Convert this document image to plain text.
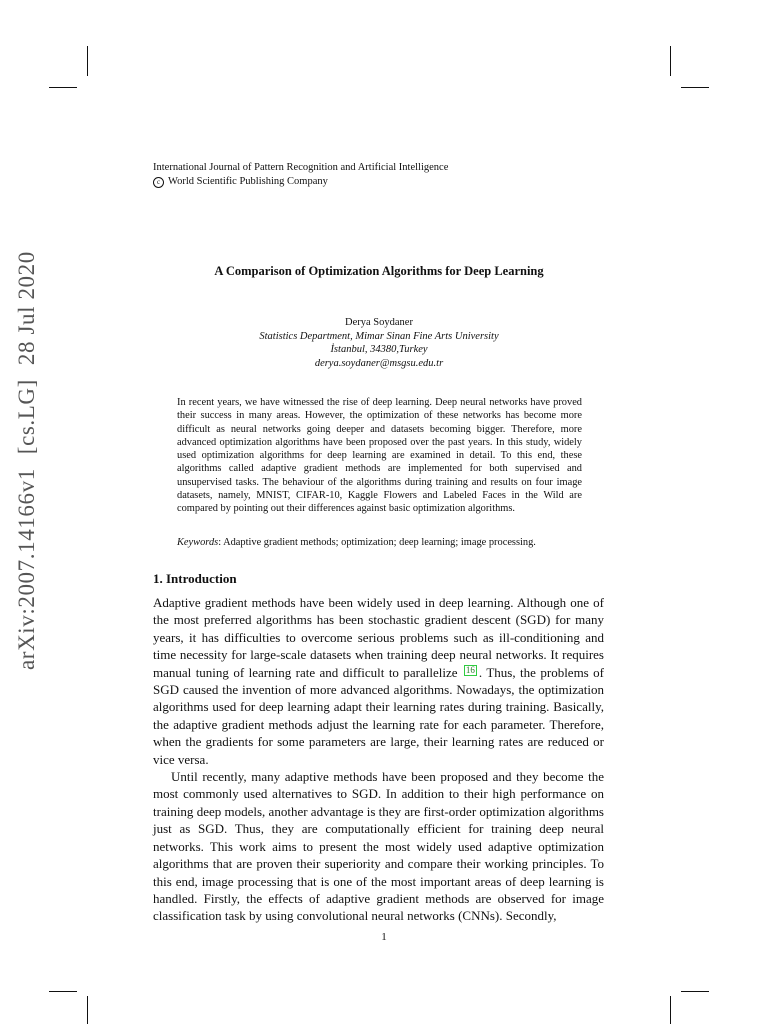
arXiv:2007.14166v1[cs.LG]28 Jul 2020
International Journal of Pattern Recognition and Artificial Intelligence
c World Scientific Publishing Company
A Comparison of Optimization Algorithms for Deep Learning
Derya Soydaner
Statistics Department, Mimar Sinan Fine Arts University
İstanbul, 34380,Turkey
derya.soydaner@msgsu.edu.tr
In recent years, we have witnessed the rise of deep learning. Deep neural networks have proved their success in many areas. However, the optimization of these networks has become more difficult as neural networks going deeper and datasets becoming bigger. Therefore, more advanced optimization algorithms have been proposed over the past years. In this study, widely used optimization algorithms for deep learning are examined in detail. To this end, these algorithms called adaptive gradient methods are implemented for both supervised and unsupervised tasks. The behaviour of the algorithms during training and results on four image datasets, namely, MNIST, CIFAR-10, Kaggle Flowers and Labeled Faces in the Wild are compared by pointing out their differences against basic optimization algorithms.
Keywords: Adaptive gradient methods; optimization; deep learning; image processing.
1. Introduction

Adaptive gradient methods have been widely used in deep learning. Although one of the most preferred algorithms has been stochastic gradient descent (SGD) for many years, it has difficulties to overcome serious problems such as ill-conditioning and time necessity for large-scale datasets when training deep neural networks. It requires manual tuning of learning rate and difficult to parallelize 16 . Thus, the problems of SGD caused the invention of more advanced algorithms. Nowadays, the optimization algorithms used for deep learning adapt their learning rates during training. Basically, the adaptive gradient methods adjust the learning rate for each parameter. Therefore, when the gradients for some parameters are large, their learning rates are reduced or vice versa.

Until recently, many adaptive methods have been proposed and they become the most commonly used alternatives to SGD. In addition to their high performance on training deep models, another advantage is they are first-order optimization algorithms just as SGD. Thus, they are computationally efficient for training deep neural networks. This work aims to present the most widely used adaptive optimization algorithms that are proven their superiority and compare their working principles. To this end, image processing that is one of the most important areas of deep learning is handled. Firstly, the effects of adaptive gradient methods are observed for image classification task by using convolutional neural networks (CNNs). Secondly,

1
